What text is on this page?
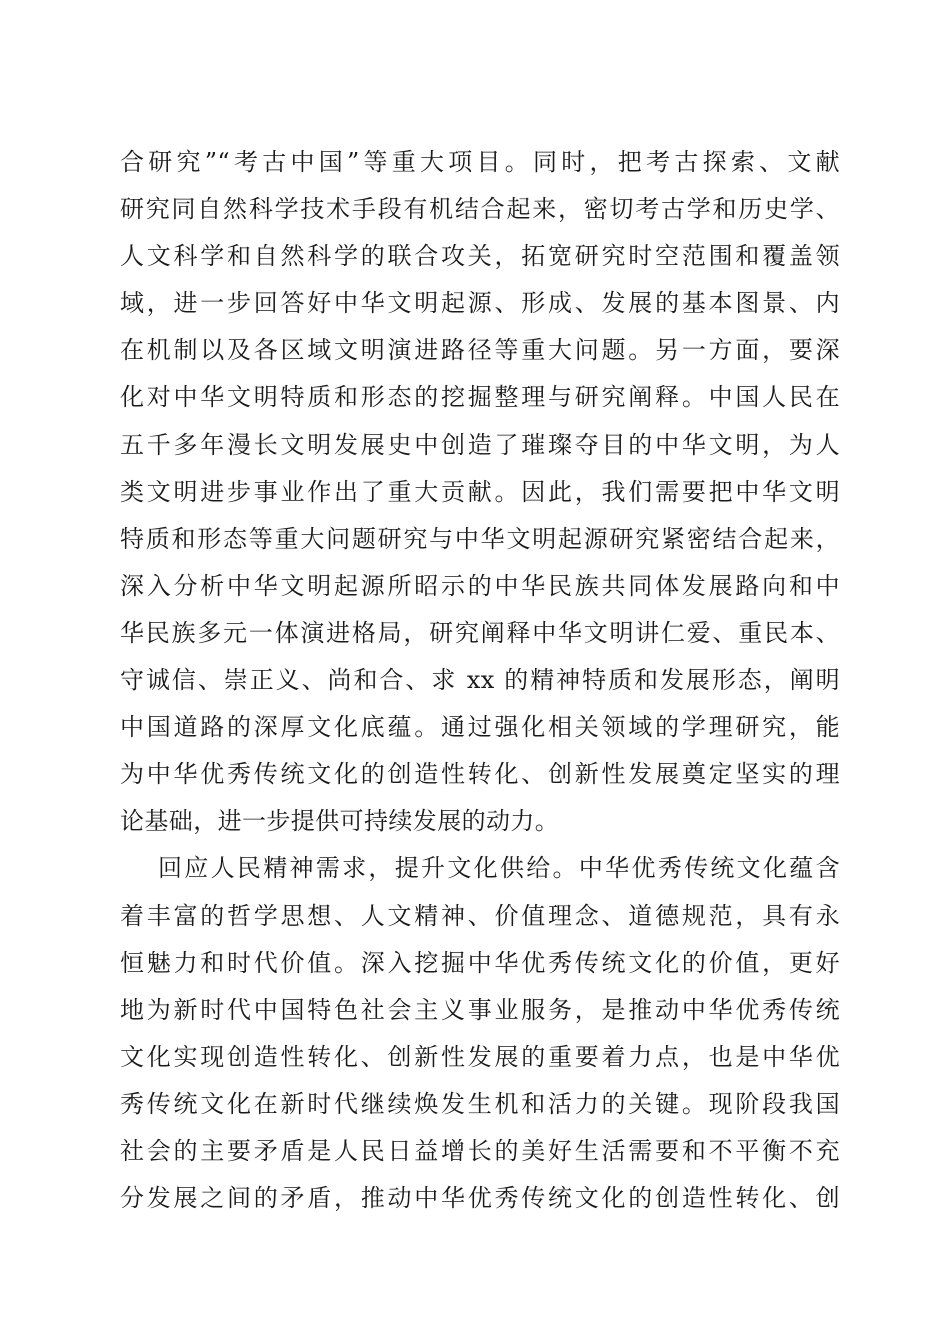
合研究”“考古中国”等重大项目。同时，把考古探索、文献
研究同自然科学技术手段有机结合起来，密切考古学和历史学、
人文科学和自然科学的联合攻关，拓宽研究时空范围和覆盖领
域，进一步回答好中华文明起源、形成、发展的基本图景、内
在机制以及各区域文明演进路径等重大问题。另一方面，要深
化对中华文明特质和形态的挖掘整理与研究阐释。中国人民在
五千多年漫长文明发展史中创造了璀璨夺目的中华文明，为人
类文明进步事业作出了重大贡献。因此，我们需要把中华文明
特质和形态等重大问题研究与中华文明起源研究紧密结合起来，
深入分析中华文明起源所昭示的中华民族共同体发展路向和中
华民族多元一体演进格局，研究阐释中华文明讲仁爱、重民本、
守诚信、崇正义、尚和合、求 xx 的精神特质和发展形态，阐明
中国道路的深厚文化底蕴。通过强化相关领域的学理研究，能
为中华优秀传统文化的创造性转化、创新性发展奠定坚实的理
论基础，进一步提供可持续发展的动力。
回应人民精神需求，提升文化供给。中华优秀传统文化蕴含
着丰富的哲学思想、人文精神、价值理念、道德规范，具有永
恒魅力和时代价值。深入挖掘中华优秀传统文化的价值，更好
地为新时代中国特色社会主义事业服务，是推动中华优秀传统
文化实现创造性转化、创新性发展的重要着力点，也是中华优
秀传统文化在新时代继续焕发生机和活力的关键。现阶段我国
社会的主要矛盾是人民日益增长的美好生活需要和不平衡不充
分发展之间的矛盾，推动中华优秀传统文化的创造性转化、创
